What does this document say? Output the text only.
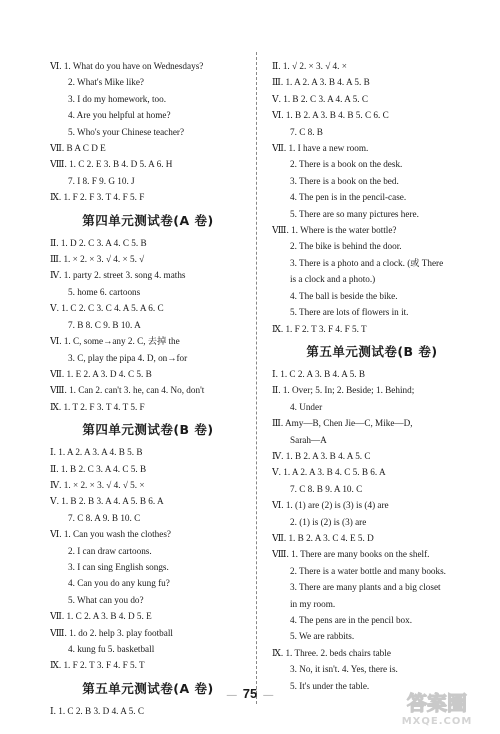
Ⅵ. 1. What do you have on Wednesdays?
2. What's Mike like?
3. I do my homework, too.
4. Are you helpful at home?
5. Who's your Chinese teacher?
Ⅶ. B A C D E
Ⅷ. 1. C 2. E 3. B 4. D 5. A 6. H
7. I 8. F 9. G 10. J
Ⅸ. 1. F 2. F 3. T 4. F 5. F
第四单元测试卷(A 卷)
Ⅱ. 1. D 2. C 3. A 4. C 5. B
Ⅲ. 1. × 2. × 3. √ 4. × 5. √
Ⅳ. 1. party 2. street 3. song 4. maths
5. home 6. cartoons
Ⅴ. 1. C 2. C 3. C 4. A 5. A 6. C
7. B 8. C 9. B 10. A
Ⅵ. 1. C, some→any 2. C, 去掉 the
3. C, play the pipa 4. D, on→for
Ⅶ. 1. E 2. A 3. D 4. C 5. B
Ⅷ. 1. Can 2. can't 3. he, can 4. No, don't
Ⅸ. 1. T 2. F 3. T 4. T 5. F
第四单元测试卷(B 卷)
Ⅰ. 1. A 2. A 3. A 4. B 5. B
Ⅱ. 1. B 2. C 3. A 4. C 5. B
Ⅳ. 1. × 2. × 3. √ 4. √ 5. ×
Ⅴ. 1. B 2. B 3. A 4. A 5. B 6. A
7. C 8. A 9. B 10. C
Ⅵ. 1. Can you wash the clothes?
2. I can draw cartoons.
3. I can sing English songs.
4. Can you do any kung fu?
5. What can you do?
Ⅶ. 1. C 2. A 3. B 4. D 5. E
Ⅷ. 1. do 2. help 3. play football
4. kung fu 5. basketball
Ⅸ. 1. F 2. T 3. F 4. F 5. T
第五单元测试卷(A 卷)
Ⅰ. 1. C 2. B 3. D 4. A 5. C
Ⅱ. 1. √ 2. × 3. √ 4. ×
Ⅲ. 1. A 2. A 3. B 4. A 5. B
Ⅴ. 1. B 2. C 3. A 4. A 5. C
Ⅵ. 1. B 2. A 3. B 4. B 5. C 6. C
7. C 8. B
Ⅶ. 1. I have a new room.
2. There is a book on the desk.
3. There is a book on the bed.
4. The pen is in the pencil-case.
5. There are so many pictures here.
Ⅷ. 1. Where is the water bottle?
2. The bike is behind the door.
3. There is a photo and a clock. (或 There
is a clock and a photo.)
4. The ball is beside the bike.
5. There are lots of flowers in it.
Ⅸ. 1. F 2. T 3. F 4. F 5. T
第五单元测试卷(B 卷)
Ⅰ. 1. C 2. A 3. B 4. A 5. B
Ⅱ. 1. Over; 5. In; 2. Beside; 1. Behind;
4. Under
Ⅲ. Amy—B, Chen Jie—C, Mike—D,
Sarah—A
Ⅳ. 1. B 2. A 3. B 4. A 5. C
Ⅴ. 1. A 2. A 3. B 4. C 5. B 6. A
7. C 8. B 9. A 10. C
Ⅵ. 1. (1) are (2) is (3) is (4) are
2. (1) is (2) is (3) are
Ⅶ. 1. B 2. A 3. C 4. E 5. D
Ⅷ. 1. There are many books on the shelf.
2. There is a water bottle and many books.
3. There are many plants and a big closet
in my room.
4. The pens are in the pencil box.
5. We are rabbits.
Ⅸ. 1. Three. 2. beds chairs table
3. No, it isn't. 4. Yes, there is.
5. It's under the table.
— 75 —	答案圈
MXQE.COM
